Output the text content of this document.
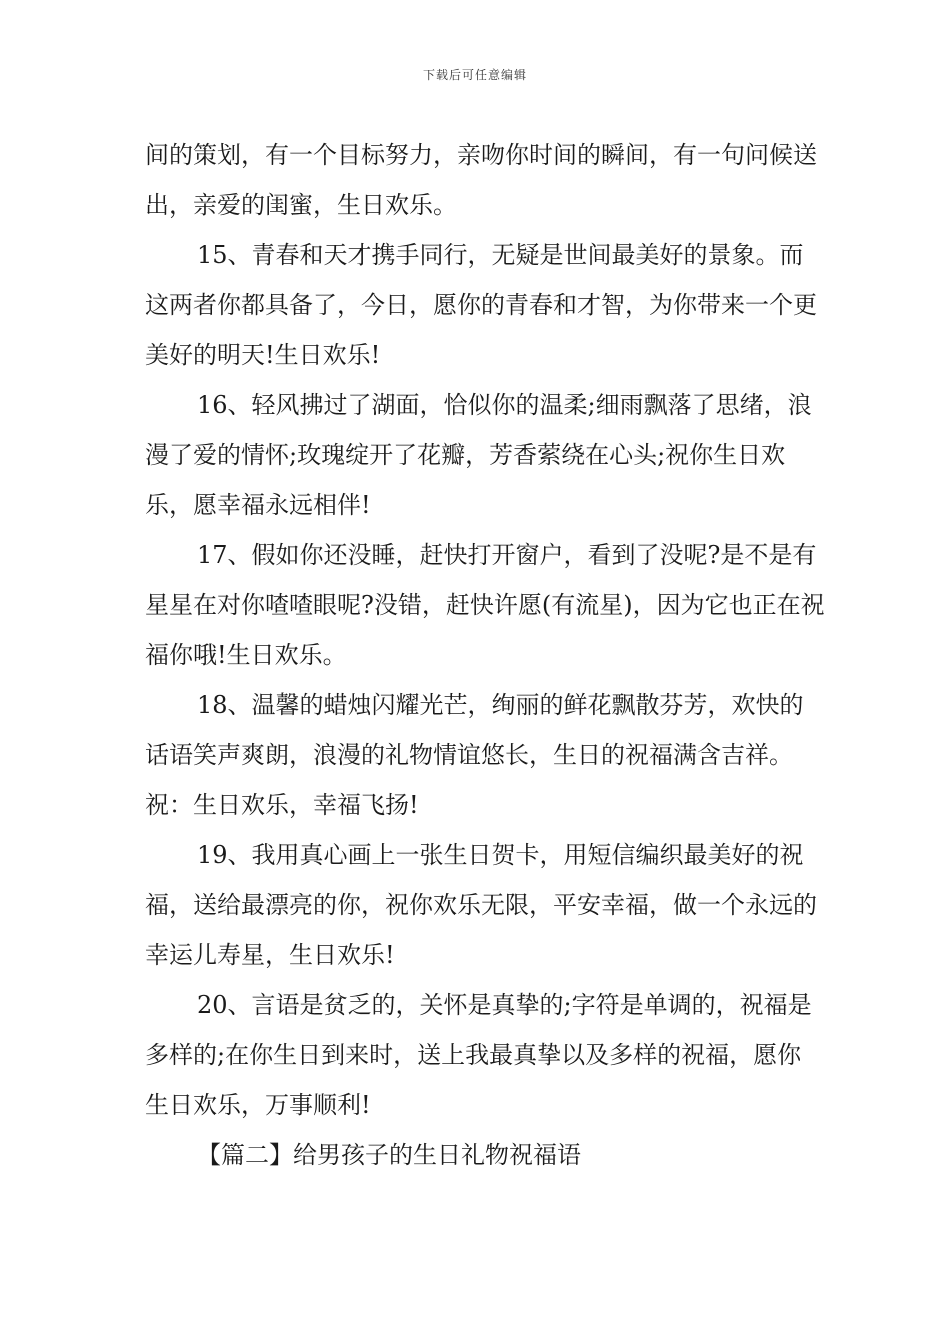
下载后可任意编辑

间的策划，有一个目标努力，亲吻你时间的瞬间，有一句问候送出，亲爱的闺蜜，生日欢乐。

15、青春和天才携手同行，无疑是世间最美好的景象。而这两者你都具备了，今日，愿你的青春和才智，为你带来一个更美好的明天!生日欢乐!

16、轻风拂过了湖面，恰似你的温柔;细雨飘落了思绪，浪漫了爱的情怀;玫瑰绽开了花瓣，芳香萦绕在心头;祝你生日欢乐，愿幸福永远相伴!

17、假如你还没睡，赶快打开窗户，看到了没呢?是不是有星星在对你喳喳眼呢?没错，赶快许愿(有流星)，因为它也正在祝福你哦!生日欢乐。

18、温馨的蜡烛闪耀光芒，绚丽的鲜花飘散芬芳，欢快的话语笑声爽朗，浪漫的礼物情谊悠长，生日的祝福满含吉祥。祝：生日欢乐，幸福飞扬!

19、我用真心画上一张生日贺卡，用短信编织最美好的祝福，送给最漂亮的你，祝你欢乐无限，平安幸福，做一个永远的幸运儿寿星，生日欢乐!

20、言语是贫乏的，关怀是真挚的;字符是单调的，祝福是多样的;在你生日到来时，送上我最真挚以及多样的祝福，愿你生日欢乐，万事顺利!

【篇二】给男孩子的生日礼物祝福语
